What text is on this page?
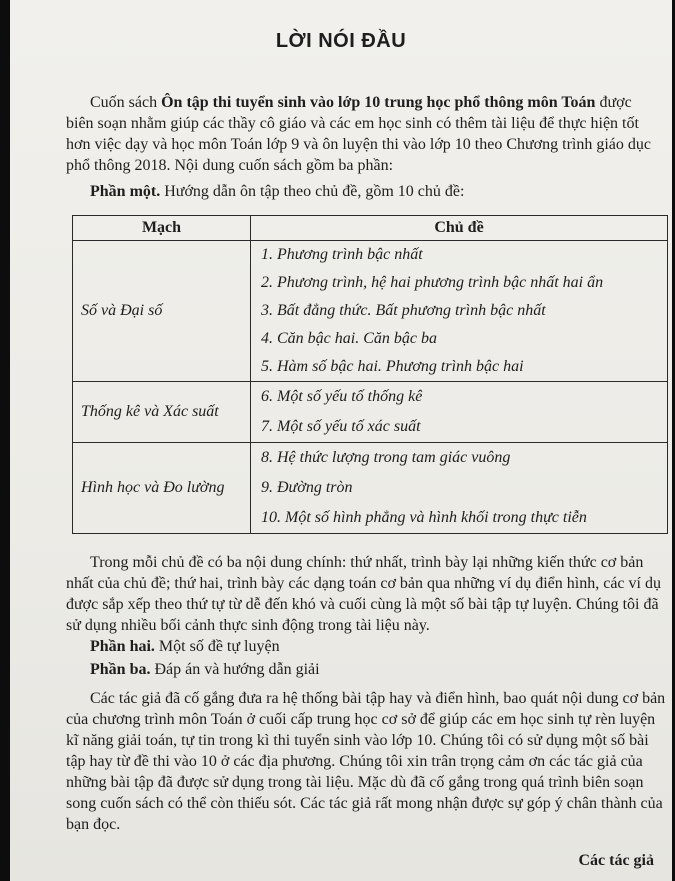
LỜI NÓI ĐẦU

Cuốn sách Ôn tập thi tuyển sinh vào lớp 10 trung học phổ thông môn Toán được biên soạn nhằm giúp các thầy cô giáo và các em học sinh có thêm tài liệu để thực hiện tốt hơn việc dạy và học môn Toán lớp 9 và ôn luyện thi vào lớp 10 theo Chương trình giáo dục phổ thông 2018. Nội dung cuốn sách gồm ba phần:

Phần một. Hướng dẫn ôn tập theo chủ đề, gồm 10 chủ đề:

Mạch	Chủ đề
Số và Đại số	1. Phương trình bậc nhất
2. Phương trình, hệ hai phương trình bậc nhất hai ẩn
3. Bất đẳng thức. Bất phương trình bậc nhất
4. Căn bậc hai. Căn bậc ba
5. Hàm số bậc hai. Phương trình bậc hai

Thống kê và Xác suất	6. Một số yếu tố thống kê
7. Một số yếu tố xác suất

Hình học và Đo lường	8. Hệ thức lượng trong tam giác vuông
9. Đường tròn
10. Một số hình phẳng và hình khối trong thực tiễn

Trong mỗi chủ đề có ba nội dung chính: thứ nhất, trình bày lại những kiến thức cơ bản nhất của chủ đề; thứ hai, trình bày các dạng toán cơ bản qua những ví dụ điển hình, các ví dụ được sắp xếp theo thứ tự từ dễ đến khó và cuối cùng là một số bài tập tự luyện. Chúng tôi đã sử dụng nhiều bối cảnh thực sinh động trong tài liệu này.

Phần hai. Một số đề tự luyện

Phần ba. Đáp án và hướng dẫn giải

Các tác giả đã cố gắng đưa ra hệ thống bài tập hay và điển hình, bao quát nội dung cơ bản của chương trình môn Toán ở cuối cấp trung học cơ sở để giúp các em học sinh tự rèn luyện kĩ năng giải toán, tự tin trong kì thi tuyển sinh vào lớp 10. Chúng tôi có sử dụng một số bài tập hay từ đề thi vào 10 ở các địa phương. Chúng tôi xin trân trọng cảm ơn các tác giả của những bài tập đã được sử dụng trong tài liệu. Mặc dù đã cố gắng trong quá trình biên soạn song cuốn sách có thể còn thiếu sót. Các tác giả rất mong nhận được sự góp ý chân thành của bạn đọc.

Các tác giả
